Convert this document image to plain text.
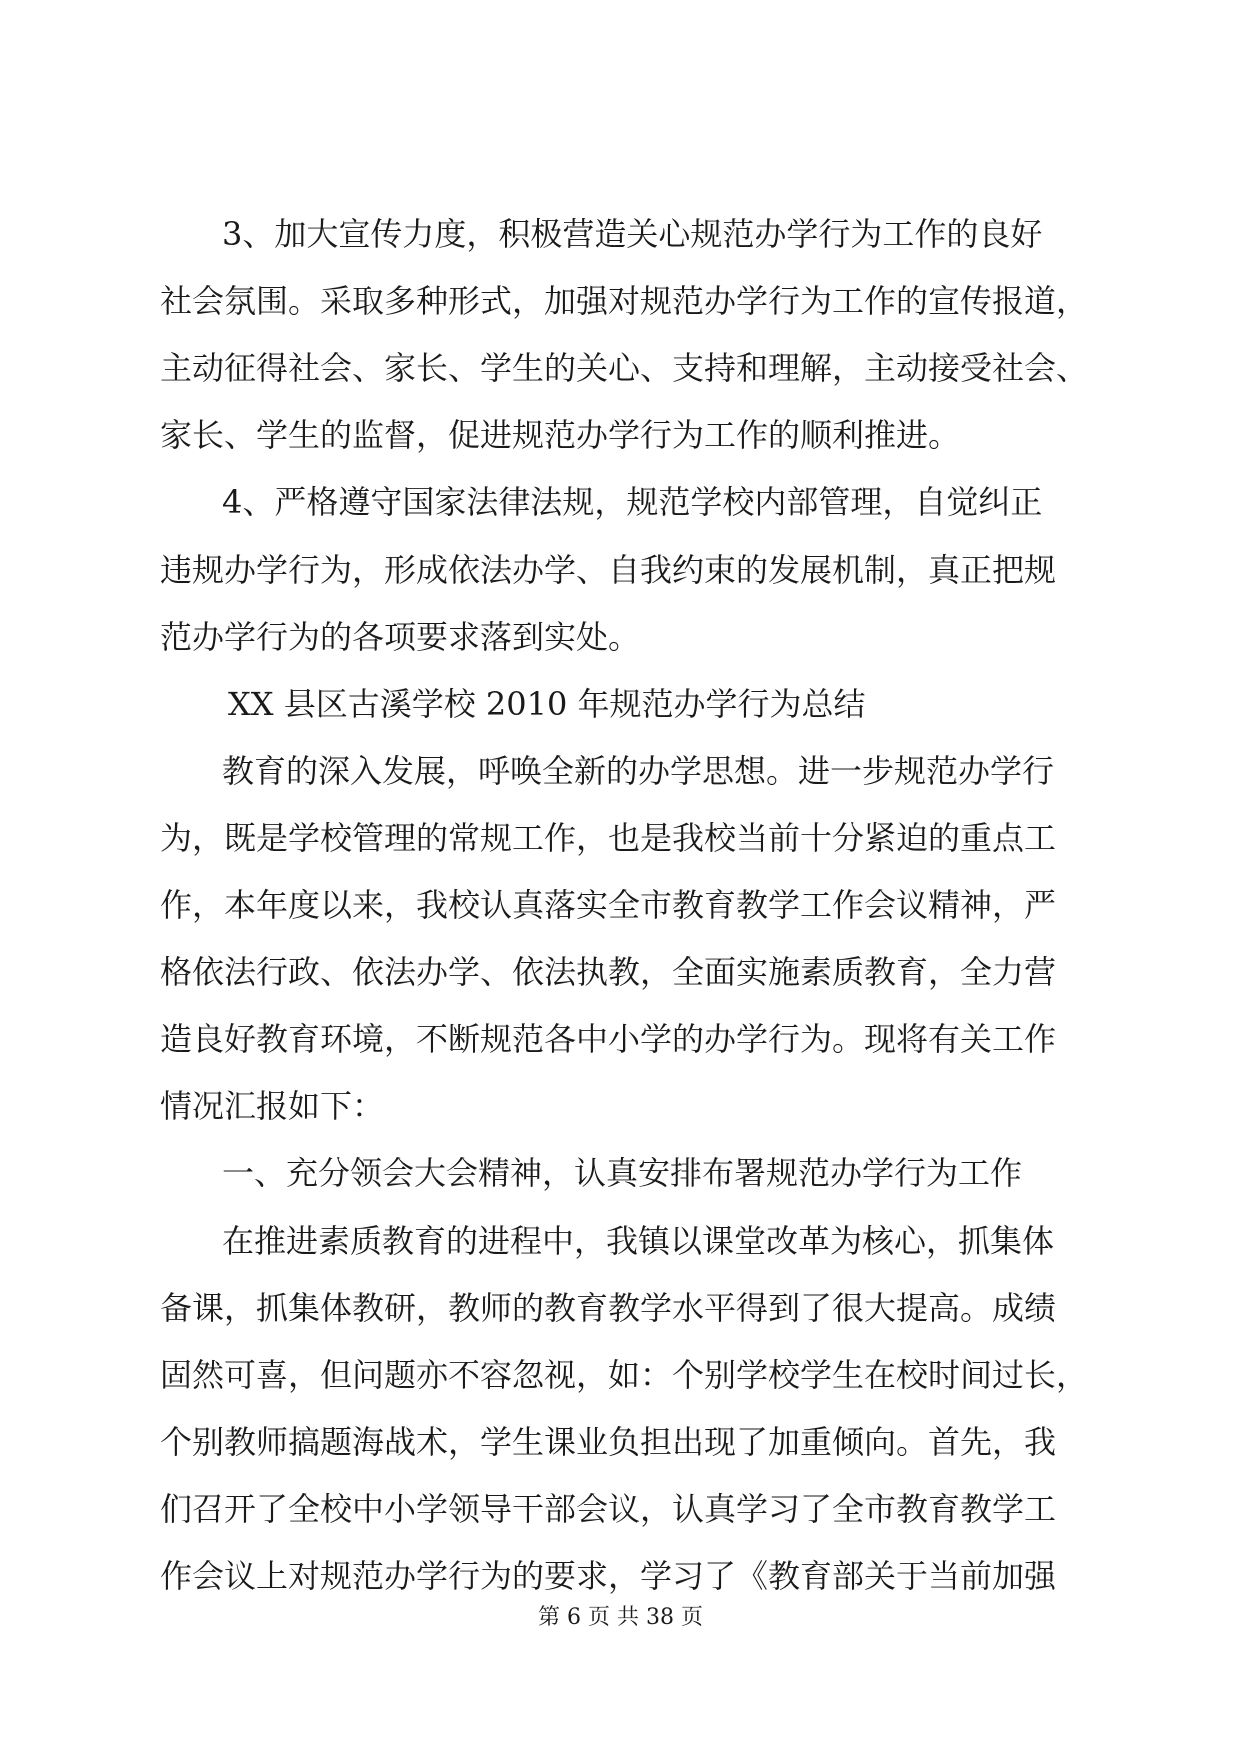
3、加大宣传力度，积极营造关心规范办学行为工作的良好
社会氛围。采取多种形式，加强对规范办学行为工作的宣传报道，
主动征得社会、家长、学生的关心、支持和理解，主动接受社会、
家长、学生的监督，促进规范办学行为工作的顺利推进。
4、严格遵守国家法律法规，规范学校内部管理，自觉纠正
违规办学行为，形成依法办学、自我约束的发展机制，真正把规
范办学行为的各项要求落到实处。
XX 县区古溪学校 2010 年规范办学行为总结
教育的深入发展，呼唤全新的办学思想。进一步规范办学行
为，既是学校管理的常规工作，也是我校当前十分紧迫的重点工
作，本年度以来，我校认真落实全市教育教学工作会议精神，严
格依法行政、依法办学、依法执教，全面实施素质教育，全力营
造良好教育环境，不断规范各中小学的办学行为。现将有关工作
情况汇报如下：
一、充分领会大会精神，认真安排布署规范办学行为工作
在推进素质教育的进程中，我镇以课堂改革为核心，抓集体
备课，抓集体教研，教师的教育教学水平得到了很大提高。成绩
固然可喜，但问题亦不容忽视，如：个别学校学生在校时间过长，
第 6 页 共 38 页
个别教师搞题海战术，学生课业负担出现了加重倾向。首先，我
们召开了全校中小学领导干部会议，认真学习了全市教育教学工
作会议上对规范办学行为的要求，学习了《教育部关于当前加强
